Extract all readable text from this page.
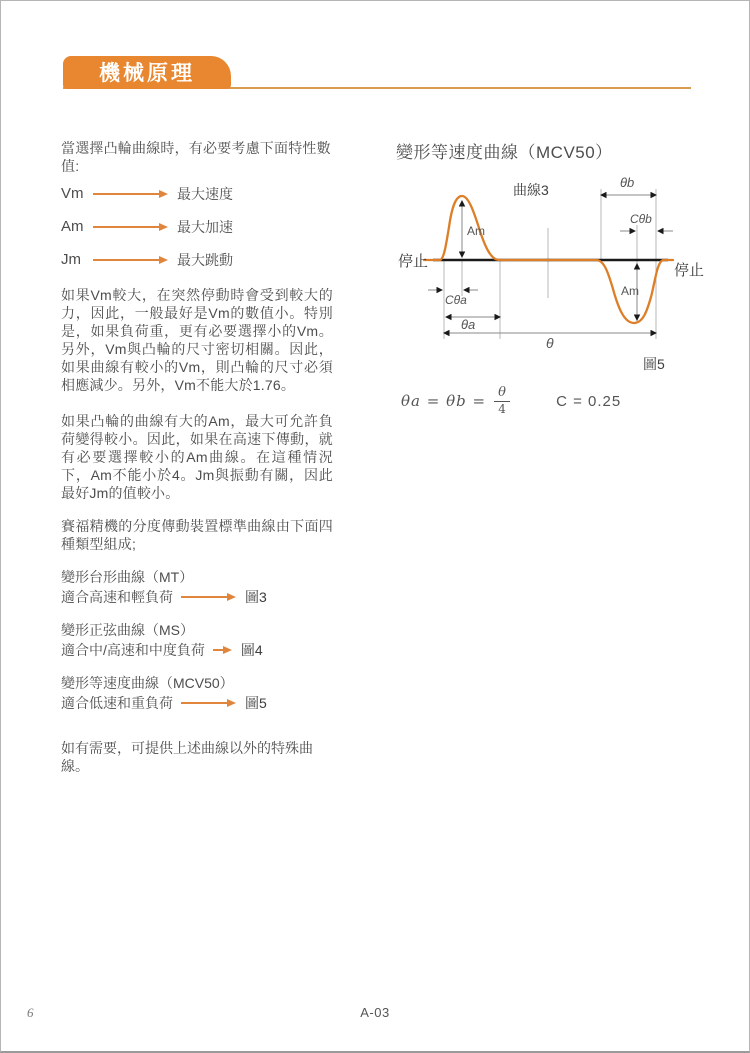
機械原理
當選擇凸輪曲線時，有必要考慮下面特性數值:
Vm	最大速度
Am	最大加速
Jm	最大跳動
如果Vm較大，在突然停動時會受到較大的力，因此，一般最好是Vm的數值小。特別是，如果負荷重，更有必要選擇小的Vm。另外，Vm與凸輪的尺寸密切相關。因此，如果曲線有較小的Vm，則凸輪的尺寸必須相應減少。另外，Vm不能大於1.76。
如果凸輪的曲線有大的Am，最大可允許負荷變得較小。因此，如果在高速下傳動，就有必要選擇較小的Am曲線。在這種情況下，Am不能小於4。Jm與振動有關，因此最好Jm的值較小。
賽福精機的分度傳動裝置標準曲線由下面四種類型組成;
變形台形曲線（MT）
適合高速和輕負荷	圖3
變形正弦曲線（MS）
適合中/高速和中度負荷	圖4
變形等速度曲線（MCV50）
適合低速和重負荷	圖5
如有需要，可提供上述曲線以外的特殊曲線。
變形等速度曲線（MCV50）
曲線3
停止
停止
Am
Am
θb
Cθb
Cθa
θa
θ
圖5
$\theta a = \theta b = \frac{\theta}{4}$	C = 0.25
6	A-03
